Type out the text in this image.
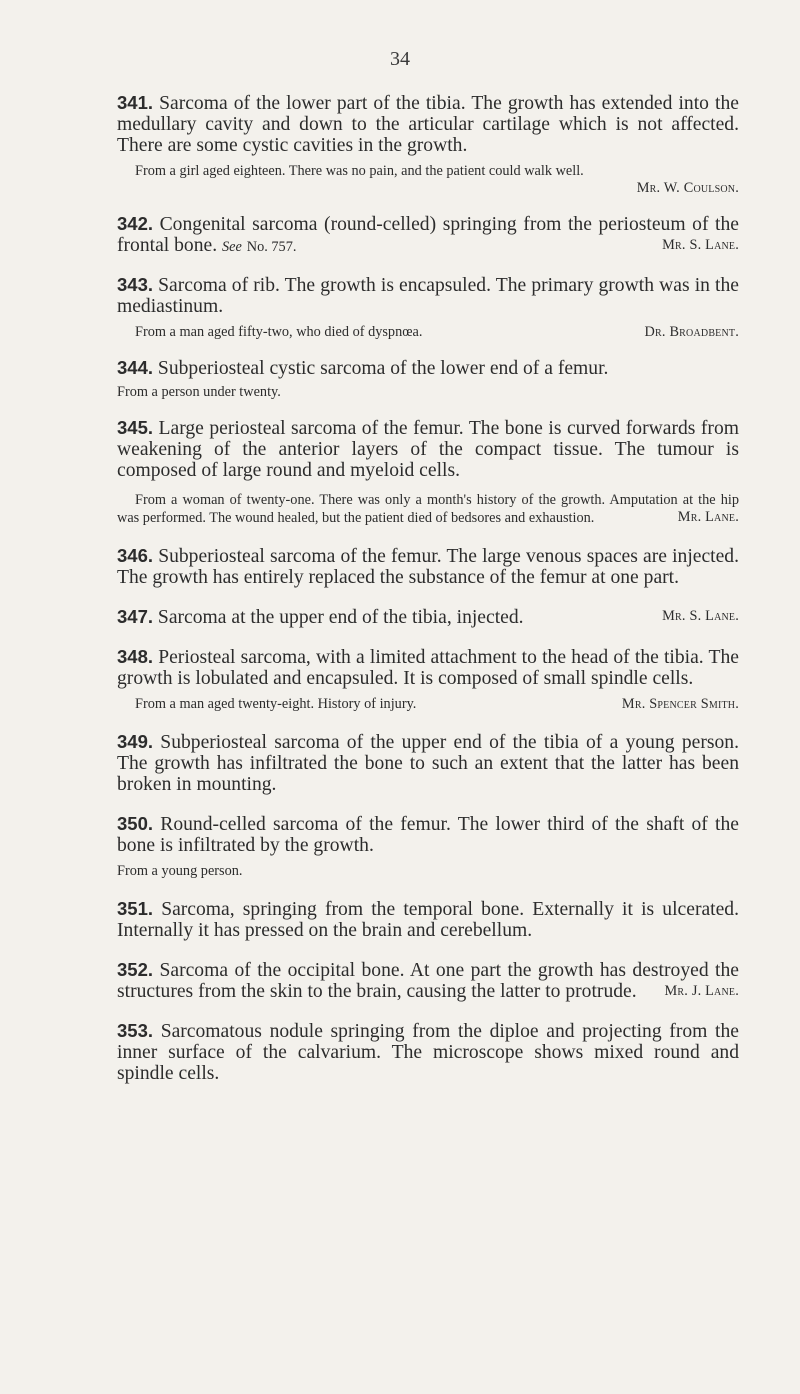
34

341. Sarcoma of the lower part of the tibia. The growth has extended into the medullary cavity and down to the articular cartilage which is not affected. There are some cystic cavities in the growth.

From a girl aged eighteen. There was no pain, and the patient could walk well.

Mr. W. Coulson.

342. Congenital sarcoma (round-celled) springing from the periosteum of the frontal bone. See No. 757.	Mr. S. Lane.

343. Sarcoma of rib. The growth is encapsuled. The primary growth was in the mediastinum.

Dr. Broadbent.
From a man aged fifty-two, who died of dyspnœa.

344. Subperiosteal cystic sarcoma of the lower end of a femur.

From a person under twenty.

345. Large periosteal sarcoma of the femur. The bone is curved forwards from weakening of the anterior layers of the compact tissue. The tumour is composed of large round and myeloid cells.

From a woman of twenty-one. There was only a month's history of the growth. Amputation at the hip was performed. The wound healed, but the patient died of bedsores and exhaustion.	Mr. Lane.

346. Subperiosteal sarcoma of the femur. The large venous spaces are injected. The growth has entirely replaced the substance of the femur at one part.

Mr. S. Lane.
347. Sarcoma at the upper end of the tibia, injected.

348. Periosteal sarcoma, with a limited attachment to the head of the tibia. The growth is lobulated and encapsuled. It is composed of small spindle cells.

Mr. Spencer Smith.
From a man aged twenty-eight. History of injury.

349. Subperiosteal sarcoma of the upper end of the tibia of a young person. The growth has infiltrated the bone to such an extent that the latter has been broken in mounting.

350. Round-celled sarcoma of the femur. The lower third of the shaft of the bone is infiltrated by the growth.

From a young person.

351. Sarcoma, springing from the temporal bone. Externally it is ulcerated. Internally it has pressed on the brain and cerebellum.

352. Sarcoma of the occipital bone. At one part the growth has destroyed the structures from the skin to the brain, causing the latter to protrude. Mr. J. Lane.

353. Sarcomatous nodule springing from the diploe and projecting from the inner surface of the calvarium. The microscope shows mixed round and spindle cells.
